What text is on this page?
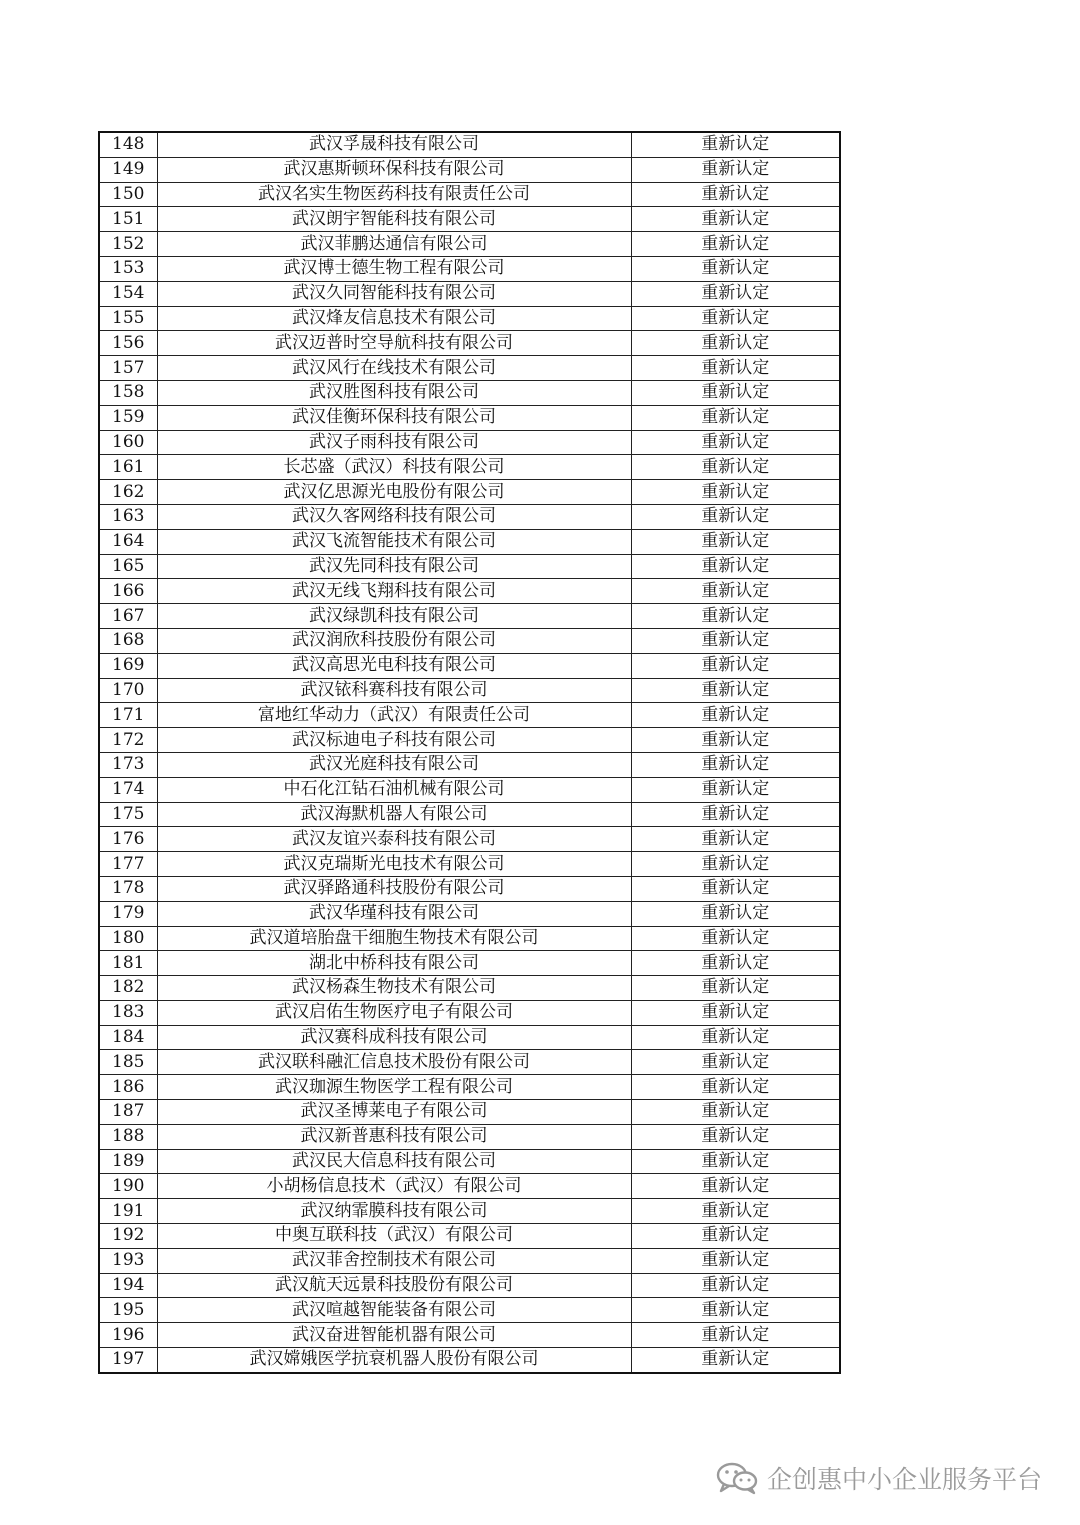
148	武汉孚晟科技有限公司	重新认定
149	武汉惠斯顿环保科技有限公司	重新认定
150	武汉名实生物医药科技有限责任公司	重新认定
151	武汉朗宇智能科技有限公司	重新认定
152	武汉菲鹏达通信有限公司	重新认定
153	武汉博士德生物工程有限公司	重新认定
154	武汉久同智能科技有限公司	重新认定
155	武汉烽友信息技术有限公司	重新认定
156	武汉迈普时空导航科技有限公司	重新认定
157	武汉风行在线技术有限公司	重新认定
158	武汉胜图科技有限公司	重新认定
159	武汉佳衡环保科技有限公司	重新认定
160	武汉子雨科技有限公司	重新认定
161	长芯盛（武汉）科技有限公司	重新认定
162	武汉亿思源光电股份有限公司	重新认定
163	武汉久客网络科技有限公司	重新认定
164	武汉飞流智能技术有限公司	重新认定
165	武汉先同科技有限公司	重新认定
166	武汉无线飞翔科技有限公司	重新认定
167	武汉绿凯科技有限公司	重新认定
168	武汉润欣科技股份有限公司	重新认定
169	武汉高思光电科技有限公司	重新认定
170	武汉铱科赛科技有限公司	重新认定
171	富地红华动力（武汉）有限责任公司	重新认定
172	武汉标迪电子科技有限公司	重新认定
173	武汉光庭科技有限公司	重新认定
174	中石化江钻石油机械有限公司	重新认定
175	武汉海默机器人有限公司	重新认定
176	武汉友谊兴泰科技有限公司	重新认定
177	武汉克瑞斯光电技术有限公司	重新认定
178	武汉驿路通科技股份有限公司	重新认定
179	武汉华瑾科技有限公司	重新认定
180	武汉道培胎盘干细胞生物技术有限公司	重新认定
181	湖北中桥科技有限公司	重新认定
182	武汉杨森生物技术有限公司	重新认定
183	武汉启佑生物医疗电子有限公司	重新认定
184	武汉赛科成科技有限公司	重新认定
185	武汉联科融汇信息技术股份有限公司	重新认定
186	武汉珈源生物医学工程有限公司	重新认定
187	武汉圣博莱电子有限公司	重新认定
188	武汉新普惠科技有限公司	重新认定
189	武汉民大信息科技有限公司	重新认定
190	小胡杨信息技术（武汉）有限公司	重新认定
191	武汉纳霏膜科技有限公司	重新认定
192	中奥互联科技（武汉）有限公司	重新认定
193	武汉菲舍控制技术有限公司	重新认定
194	武汉航天远景科技股份有限公司	重新认定
195	武汉喧越智能装备有限公司	重新认定
196	武汉奋进智能机器有限公司	重新认定
197	武汉嫦娥医学抗衰机器人股份有限公司	重新认定
企创惠中小企业服务平台
